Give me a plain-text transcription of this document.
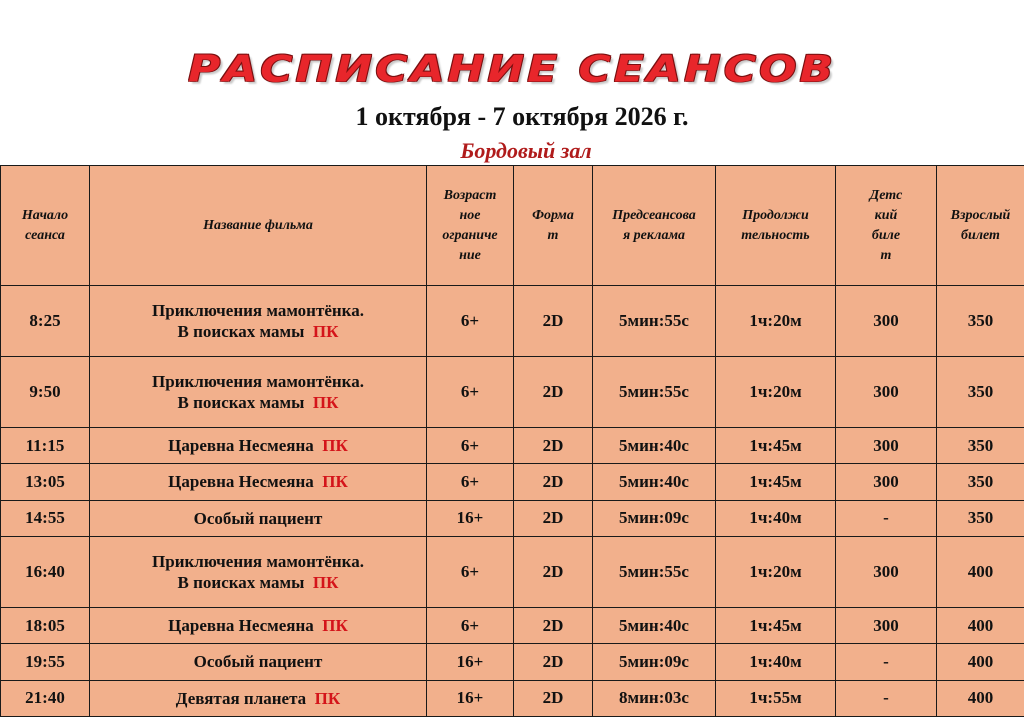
РАСПИСАНИЕ СЕАНСОВ
1 октября - 7 октября 2026 г.
Бордовый зал
Начало
сеанса	Название фильма	Возраст
ное
ограниче
ние	Форма
т	Предсеансова
я реклама	Продолжи
тельность	Детс
кий
биле
т	Взрослый
билет
8:25	Приключения мамонтёнка.
В поисках мамы ПК	6+	2D	5мин:55с	1ч:20м	300	350
9:50	Приключения мамонтёнка.
В поисках мамы ПК	6+	2D	5мин:55с	1ч:20м	300	350
11:15	Царевна Несмеяна ПК	6+	2D	5мин:40с	1ч:45м	300	350
13:05	Царевна Несмеяна ПК	6+	2D	5мин:40с	1ч:45м	300	350
14:55	Особый пациент	16+	2D	5мин:09с	1ч:40м	-	350
16:40	Приключения мамонтёнка.
В поисках мамы ПК	6+	2D	5мин:55с	1ч:20м	300	400
18:05	Царевна Несмеяна ПК	6+	2D	5мин:40с	1ч:45м	300	400
19:55	Особый пациент	16+	2D	5мин:09с	1ч:40м	-	400
21:40	Девятая планета ПК	16+	2D	8мин:03с	1ч:55м	-	400
